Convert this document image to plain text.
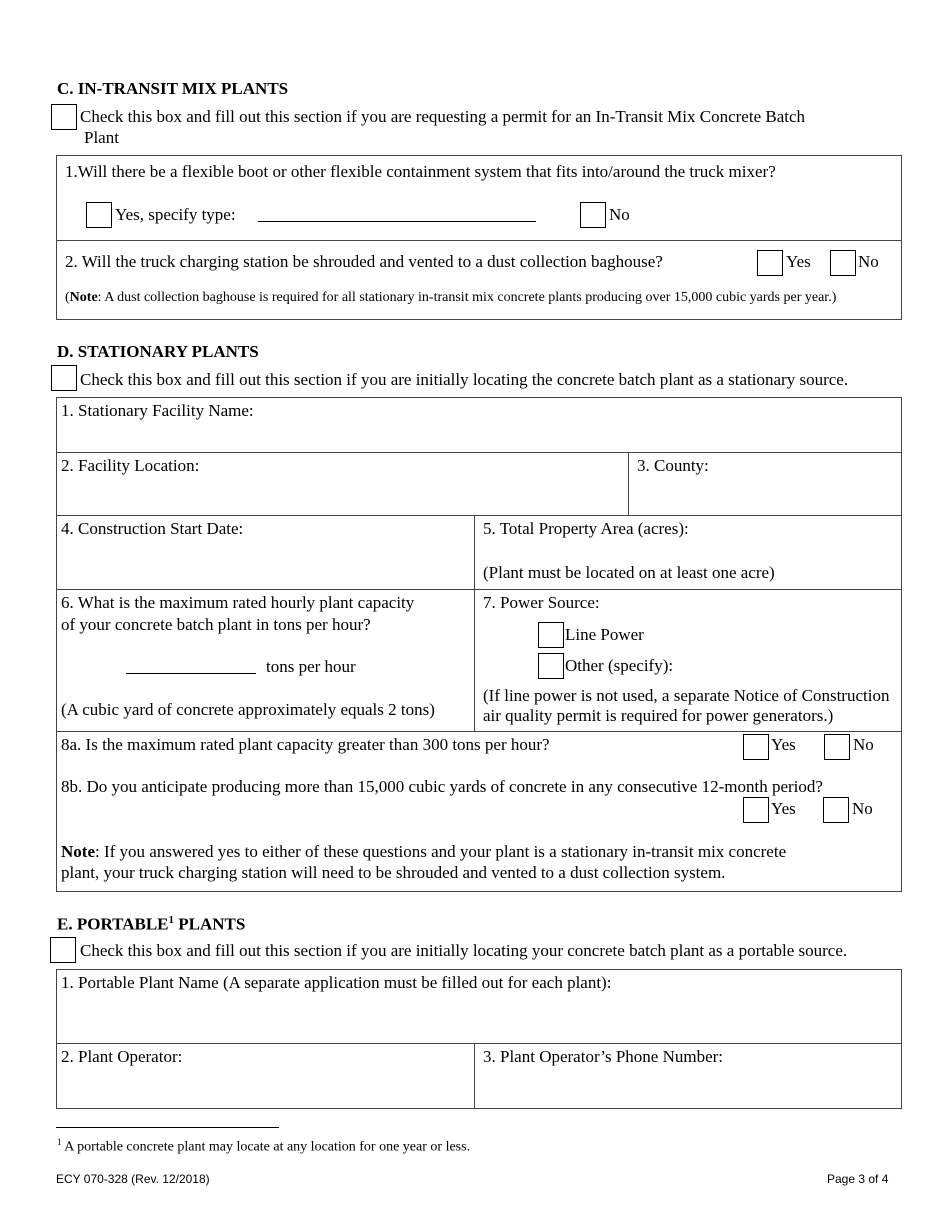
C. IN-TRANSIT MIX PLANTS
Check this box and fill out this section if you are requesting a permit for an In-Transit Mix Concrete Batch
Plant
1.Will there be a flexible boot or other flexible containment system that fits into/around the truck mixer?
Yes, specify type:	No
2. Will the truck charging station be shrouded and vented to a dust collection baghouse?	Yes	No
(Note: A dust collection baghouse is required for all stationary in-transit mix concrete plants producing over 15,000 cubic yards per year.)
D. STATIONARY PLANTS
Check this box and fill out this section if you are initially locating the concrete batch plant as a stationary source.
1. Stationary Facility Name:
2. Facility Location:	3. County:
4. Construction Start Date:	5. Total Property Area (acres):
(Plant must be located on at least one acre)
6. What is the maximum rated hourly plant capacity
of your concrete batch plant in tons per hour?
tons per hour
(A cubic yard of concrete approximately equals 2 tons)
7. Power Source:
Line Power
Other (specify):
(If line power is not used, a separate Notice of Construction
air quality permit is required for power generators.)
8a. Is the maximum rated plant capacity greater than 300 tons per hour?	Yes	No
8b. Do you anticipate producing more than 15,000 cubic yards of concrete in any consecutive 12-month period?
Yes	No
Note: If you answered yes to either of these questions and your plant is a stationary in-transit mix concrete
plant, your truck charging station will need to be shrouded and vented to a dust collection system.
E. PORTABLE$^1$ PLANTS
Check this box and fill out this section if you are initially locating your concrete batch plant as a portable source.
1. Portable Plant Name (A separate application must be filled out for each plant):
2. Plant Operator:	3. Plant Operator’s Phone Number:
$^1$ A portable concrete plant may locate at any location for one year or less.
ECY 070-328 (Rev. 12/2018)	Page 3 of 4
